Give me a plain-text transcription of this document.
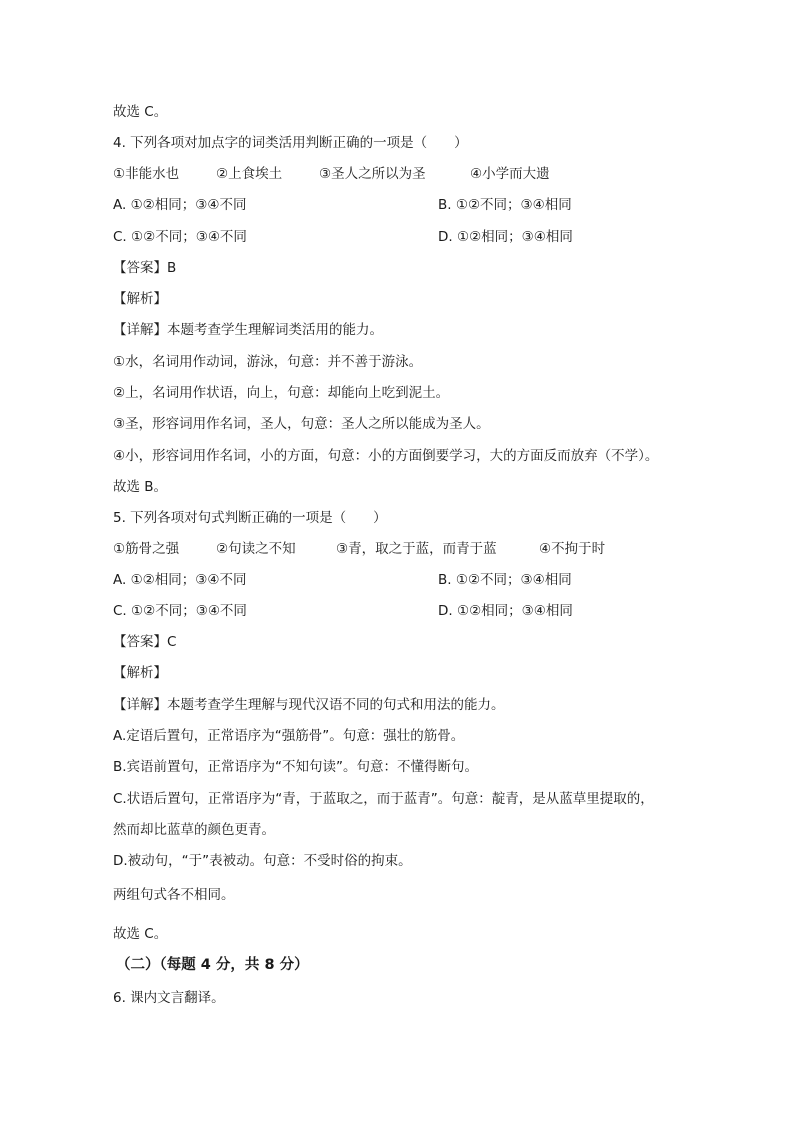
故选 C。
4. 下列各项对加点字的词类活用判断正确的一项是（　　）
①非能水也	②上食埃土	③圣人之所以为圣	④小学而大遗
A. ①②相同；③④不同	B. ①②不同；③④相同
C. ①②不同；③④不同	D. ①②相同；③④相同
【答案】B
【解析】
【详解】本题考查学生理解词类活用的能力。
①水，名词用作动词，游泳，句意：并不善于游泳。
②上，名词用作状语，向上，句意：却能向上吃到泥土。
③圣，形容词用作名词，圣人，句意：圣人之所以能成为圣人。
④小，形容词用作名词，小的方面，句意：小的方面倒要学习，大的方面反而放弃（不学）。
故选 B。
5. 下列各项对句式判断正确的一项是（　　）
①筋骨之强	②句读之不知	③青，取之于蓝，而青于蓝	④不拘于时
A. ①②相同；③④不同	B. ①②不同；③④相同
C. ①②不同；③④不同	D. ①②相同；③④相同
【答案】C
【解析】
【详解】本题考查学生理解与现代汉语不同的句式和用法的能力。
A.定语后置句，正常语序为“强筋骨”。句意：强壮的筋骨。
B.宾语前置句，正常语序为“不知句读”。句意：不懂得断句。
C.状语后置句，正常语序为“青，于蓝取之，而于蓝青”。句意：靛青，是从蓝草里提取的，
然而却比蓝草的颜色更青。
D.被动句，“于”表被动。句意：不受时俗的拘束。
两组句式各不相同。
故选 C。
（二）（每题 4 分，共 8 分）
6. 课内文言翻译。
